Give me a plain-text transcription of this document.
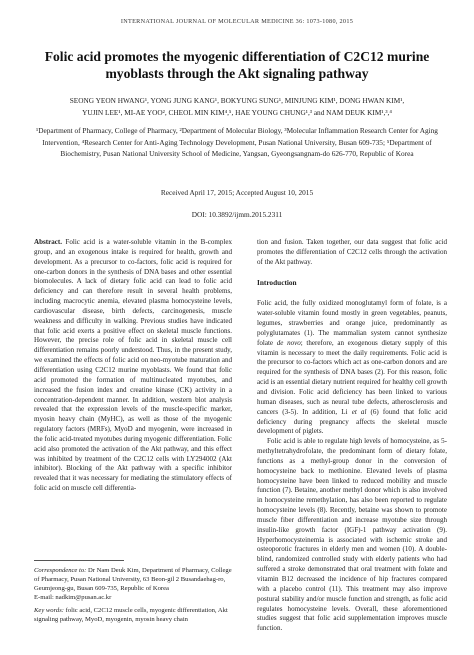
INTERNATIONAL JOURNAL OF MOLECULAR MEDICINE 36: 1073-1080, 2015
Folic acid promotes the myogenic differentiation of C2C12 murine myoblasts through the Akt signaling pathway
SEONG YEON HWANG¹, YONG JUNG KANG¹, BOKYUNG SUNG¹, MINJUNG KIM¹, DONG HWAN KIM¹,
YUJIN LEE¹, MI-AE YOO², CHEOL MIN KIM⁴,⁵, HAE YOUNG CHUNG¹,³ and NAM DEUK KIM¹,³,⁴
¹Department of Pharmacy, College of Pharmacy, ²Department of Molecular Biology, ³Molecular Inflammation Research Center for Aging Intervention, ⁴Research Center for Anti-Aging Technology Development, Pusan National University, Busan 609-735; ⁵Department of Biochemistry, Pusan National University School of Medicine, Yangsan, Gyeongsangnam-do 626-770, Republic of Korea
Received April 17, 2015; Accepted August 10, 2015
DOI: 10.3892/ijmm.2015.2311

Abstract. Folic acid is a water-soluble vitamin in the B-complex group, and an exogenous intake is required for health, growth and development. As a precursor to co-factors, folic acid is required for one-carbon donors in the synthesis of DNA bases and other essential biomolecules. A lack of dietary folic acid can lead to folic acid deficiency and can therefore result in several health problems, including macrocytic anemia, elevated plasma homocysteine levels, cardiovascular disease, birth defects, carcinogenesis, muscle weakness and difficulty in walking. Previous studies have indicated that folic acid exerts a positive effect on skeletal muscle functions. However, the precise role of folic acid in skeletal muscle cell differentiation remains poorly understood. Thus, in the present study, we examined the effects of folic acid on neo-myotube maturation and differentiation using C2C12 murine myoblasts. We found that folic acid promoted the formation of multinucleated myotubes, and increased the fusion index and creatine kinase (CK) activity in a concentration-dependent manner. In addition, western blot analysis revealed that the expression levels of the muscle-specific marker, myosin heavy chain (MyHC), as well as those of the myogenic regulatory factors (MRFs), MyoD and myogenin, were increased in the folic acid-treated myotubes during myogenic differentiation. Folic acid also promoted the activation of the Akt pathway, and this effect was inhibited by treatment of the C2C12 cells with LY294002 (Akt inhibitor). Blocking of the Akt pathway with a specific inhibitor revealed that it was necessary for mediating the stimulatory effects of folic acid on muscle cell differentia-

tion and fusion. Taken together, our data suggest that folic acid promotes the differentiation of C2C12 cells through the activation of the Akt pathway.

Introduction

Folic acid, the fully oxidized monoglutamyl form of folate, is a water-soluble vitamin found mostly in green vegetables, peanuts, legumes, strawberries and orange juice, predominantly as polyglutamates (1). The mammalian system cannot synthesize folate de novo; therefore, an exogenous dietary supply of this vitamin is necessary to meet the daily requirements. Folic acid is the precursor to co-factors which act as one-carbon donors and are required for the synthesis of DNA bases (2). For this reason, folic acid is an essential dietary nutrient required for healthy cell growth and division. Folic acid deficiency has been linked to various human diseases, such as neural tube defects, atherosclerosis and cancers (3-5). In addition, Li et al (6) found that folic acid deficiency during pregnancy affects the skeletal muscle development of piglets.

Folic acid is able to regulate high levels of homocysteine, as 5-methyltetrahydrofolate, the predominant form of dietary folate, functions as a methyl-group donor in the conversion of homocysteine back to methionine. Elevated levels of plasma homocysteine have been linked to reduced mobility and muscle function (7). Betaine, another methyl donor which is also involved in homocysteine remethylation, has also been reported to regulate homocysteine levels (8). Recently, betaine was shown to promote muscle fiber differentiation and increase myotube size through insulin-like growth factor (IGF)-1 pathway activation (9). Hyperhomocysteinemia is associated with ischemic stroke and osteoporotic fractures in elderly men and women (10). A double-blind, randomized controlled study with elderly patients who had suffered a stroke demonstrated that oral treatment with folate and vitamin B12 decreased the incidence of hip fractures compared with a placebo control (11). This treatment may also improve postural stability and/or muscle function and strength, as folic acid regulates homocysteine levels. Overall, these aforementioned studies suggest that folic acid supplementation improves muscle function.

Correspondence to: Dr Nam Deuk Kim, Department of Pharmacy, College of Pharmacy, Pusan National University, 63 Beon-gil 2 Busandaehag-ro, Geumjeong-gu, Busan 609-735, Republic of Korea
E-mail: nadkim@pusan.ac.kr
Key words: folic acid, C2C12 muscle cells, myogenic differentiation, Akt signaling pathway, MyoD, myogenin, myosin heavy chain
